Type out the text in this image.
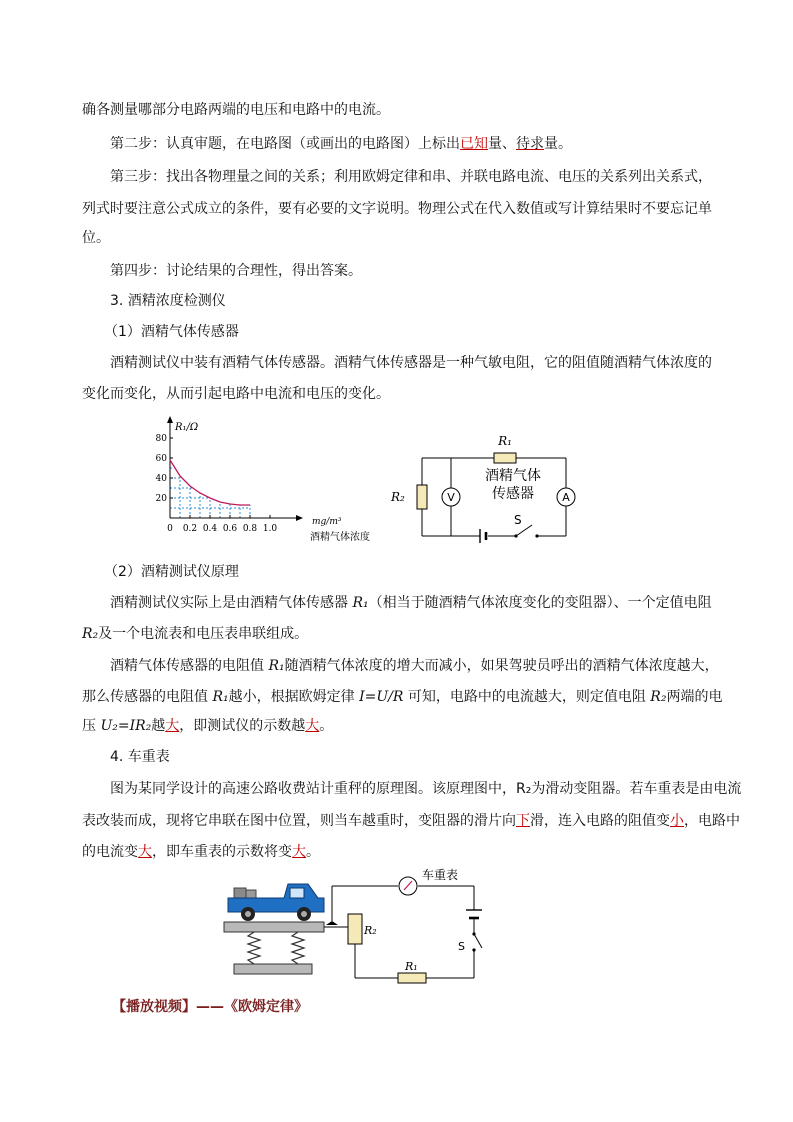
确各测量哪部分电路两端的电压和电路中的电流。
第二步：认真审题，在电路图（或画出的电路图）上标出已知量、待求量。
第三步：找出各物理量之间的关系；利用欧姆定律和串、并联电路电流、电压的关系列出关系式，
列式时要注意公式成立的条件，要有必要的文字说明。物理公式在代入数值或写计算结果时不要忘记单
位。
第四步：讨论结果的合理性，得出答案。
3. 酒精浓度检测仪
（1）酒精气体传感器
酒精测试仪中装有酒精气体传感器。酒精气体传感器是一种气敏电阻，它的阻值随酒精气体浓度的
变化而变化，从而引起电路中电流和电压的变化。
20
40
60
80
0 0.2 0.4 0.6 0.8 1.0
R₁/Ω
mg/m³
酒精气体浓度
R₁
R₂	V	A
酒精气体
传感器
S
（2）酒精测试仪原理
酒精测试仪实际上是由酒精气体传感器 R₁（相当于随酒精气体浓度变化的变阻器）、一个定值电阻
R₂及一个电流表和电压表串联组成。
酒精气体传感器的电阻值 R₁随酒精气体浓度的增大而减小，如果驾驶员呼出的酒精气体浓度越大，
那么传感器的电阻值 R₁越小，根据欧姆定律 I=U/R 可知，电路中的电流越大，则定值电阻 R₂两端的电
压 U₂=IR₂越大，即测试仪的示数越大。
4. 车重表
图为某同学设计的高速公路收费站计重秤的原理图。该原理图中，R₂为滑动变阻器。若车重表是由电流
表改装而成，现将它串联在图中位置，则当车越重时，变阻器的滑片向下滑，连入电路的阻值变小，电路中
的电流变大，即车重表的示数将变大。
车重表
R₂
R₁
S
【播放视频】——《欧姆定律》
